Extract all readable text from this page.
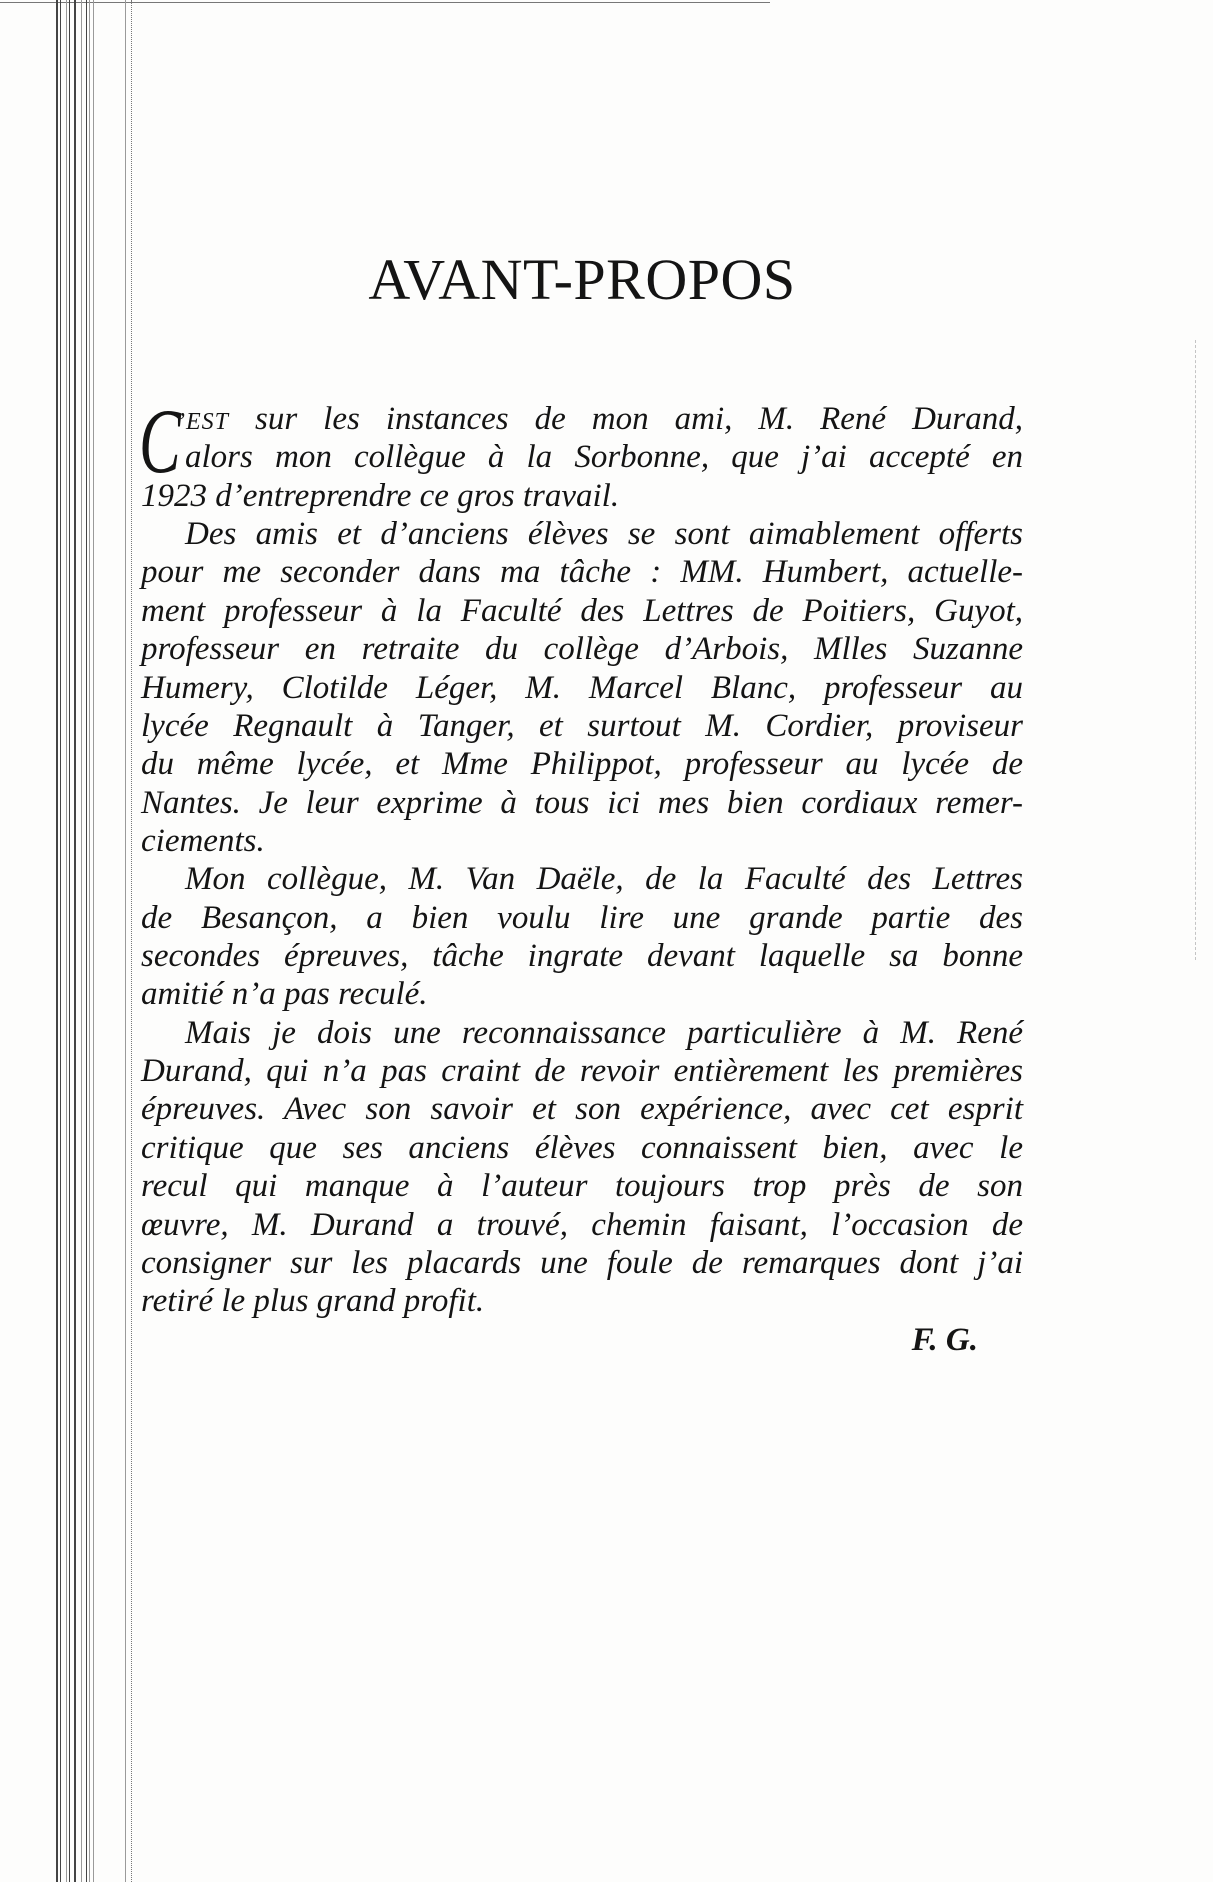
AVANT-PROPOS
C
’EST sur les instances de mon ami, M. René Durand,
alors mon collègue à la Sorbonne, que j’ai accepté en
1923 d’entreprendre ce gros travail.
Des amis et d’anciens élèves se sont aimablement offerts
pour me seconder dans ma tâche : MM. Humbert, actuelle-
ment professeur à la Faculté des Lettres de Poitiers, Guyot,
professeur en retraite du collège d’Arbois, Mlles Suzanne
Humery, Clotilde Léger, M. Marcel Blanc, professeur au
lycée Regnault à Tanger, et surtout M. Cordier, proviseur
du même lycée, et Mme Philippot, professeur au lycée de
Nantes. Je leur exprime à tous ici mes bien cordiaux remer-
ciements.
Mon collègue, M. Van Daële, de la Faculté des Lettres
de Besançon, a bien voulu lire une grande partie des
secondes épreuves, tâche ingrate devant laquelle sa bonne
amitié n’a pas reculé.
Mais je dois une reconnaissance particulière à M. René
Durand, qui n’a pas craint de revoir entièrement les premières
épreuves. Avec son savoir et son expérience, avec cet esprit
critique que ses anciens élèves connaissent bien, avec le
recul qui manque à l’auteur toujours trop près de son
œuvre, M. Durand a trouvé, chemin faisant, l’occasion de
consigner sur les placards une foule de remarques dont j’ai
retiré le plus grand profit.
F. G.
